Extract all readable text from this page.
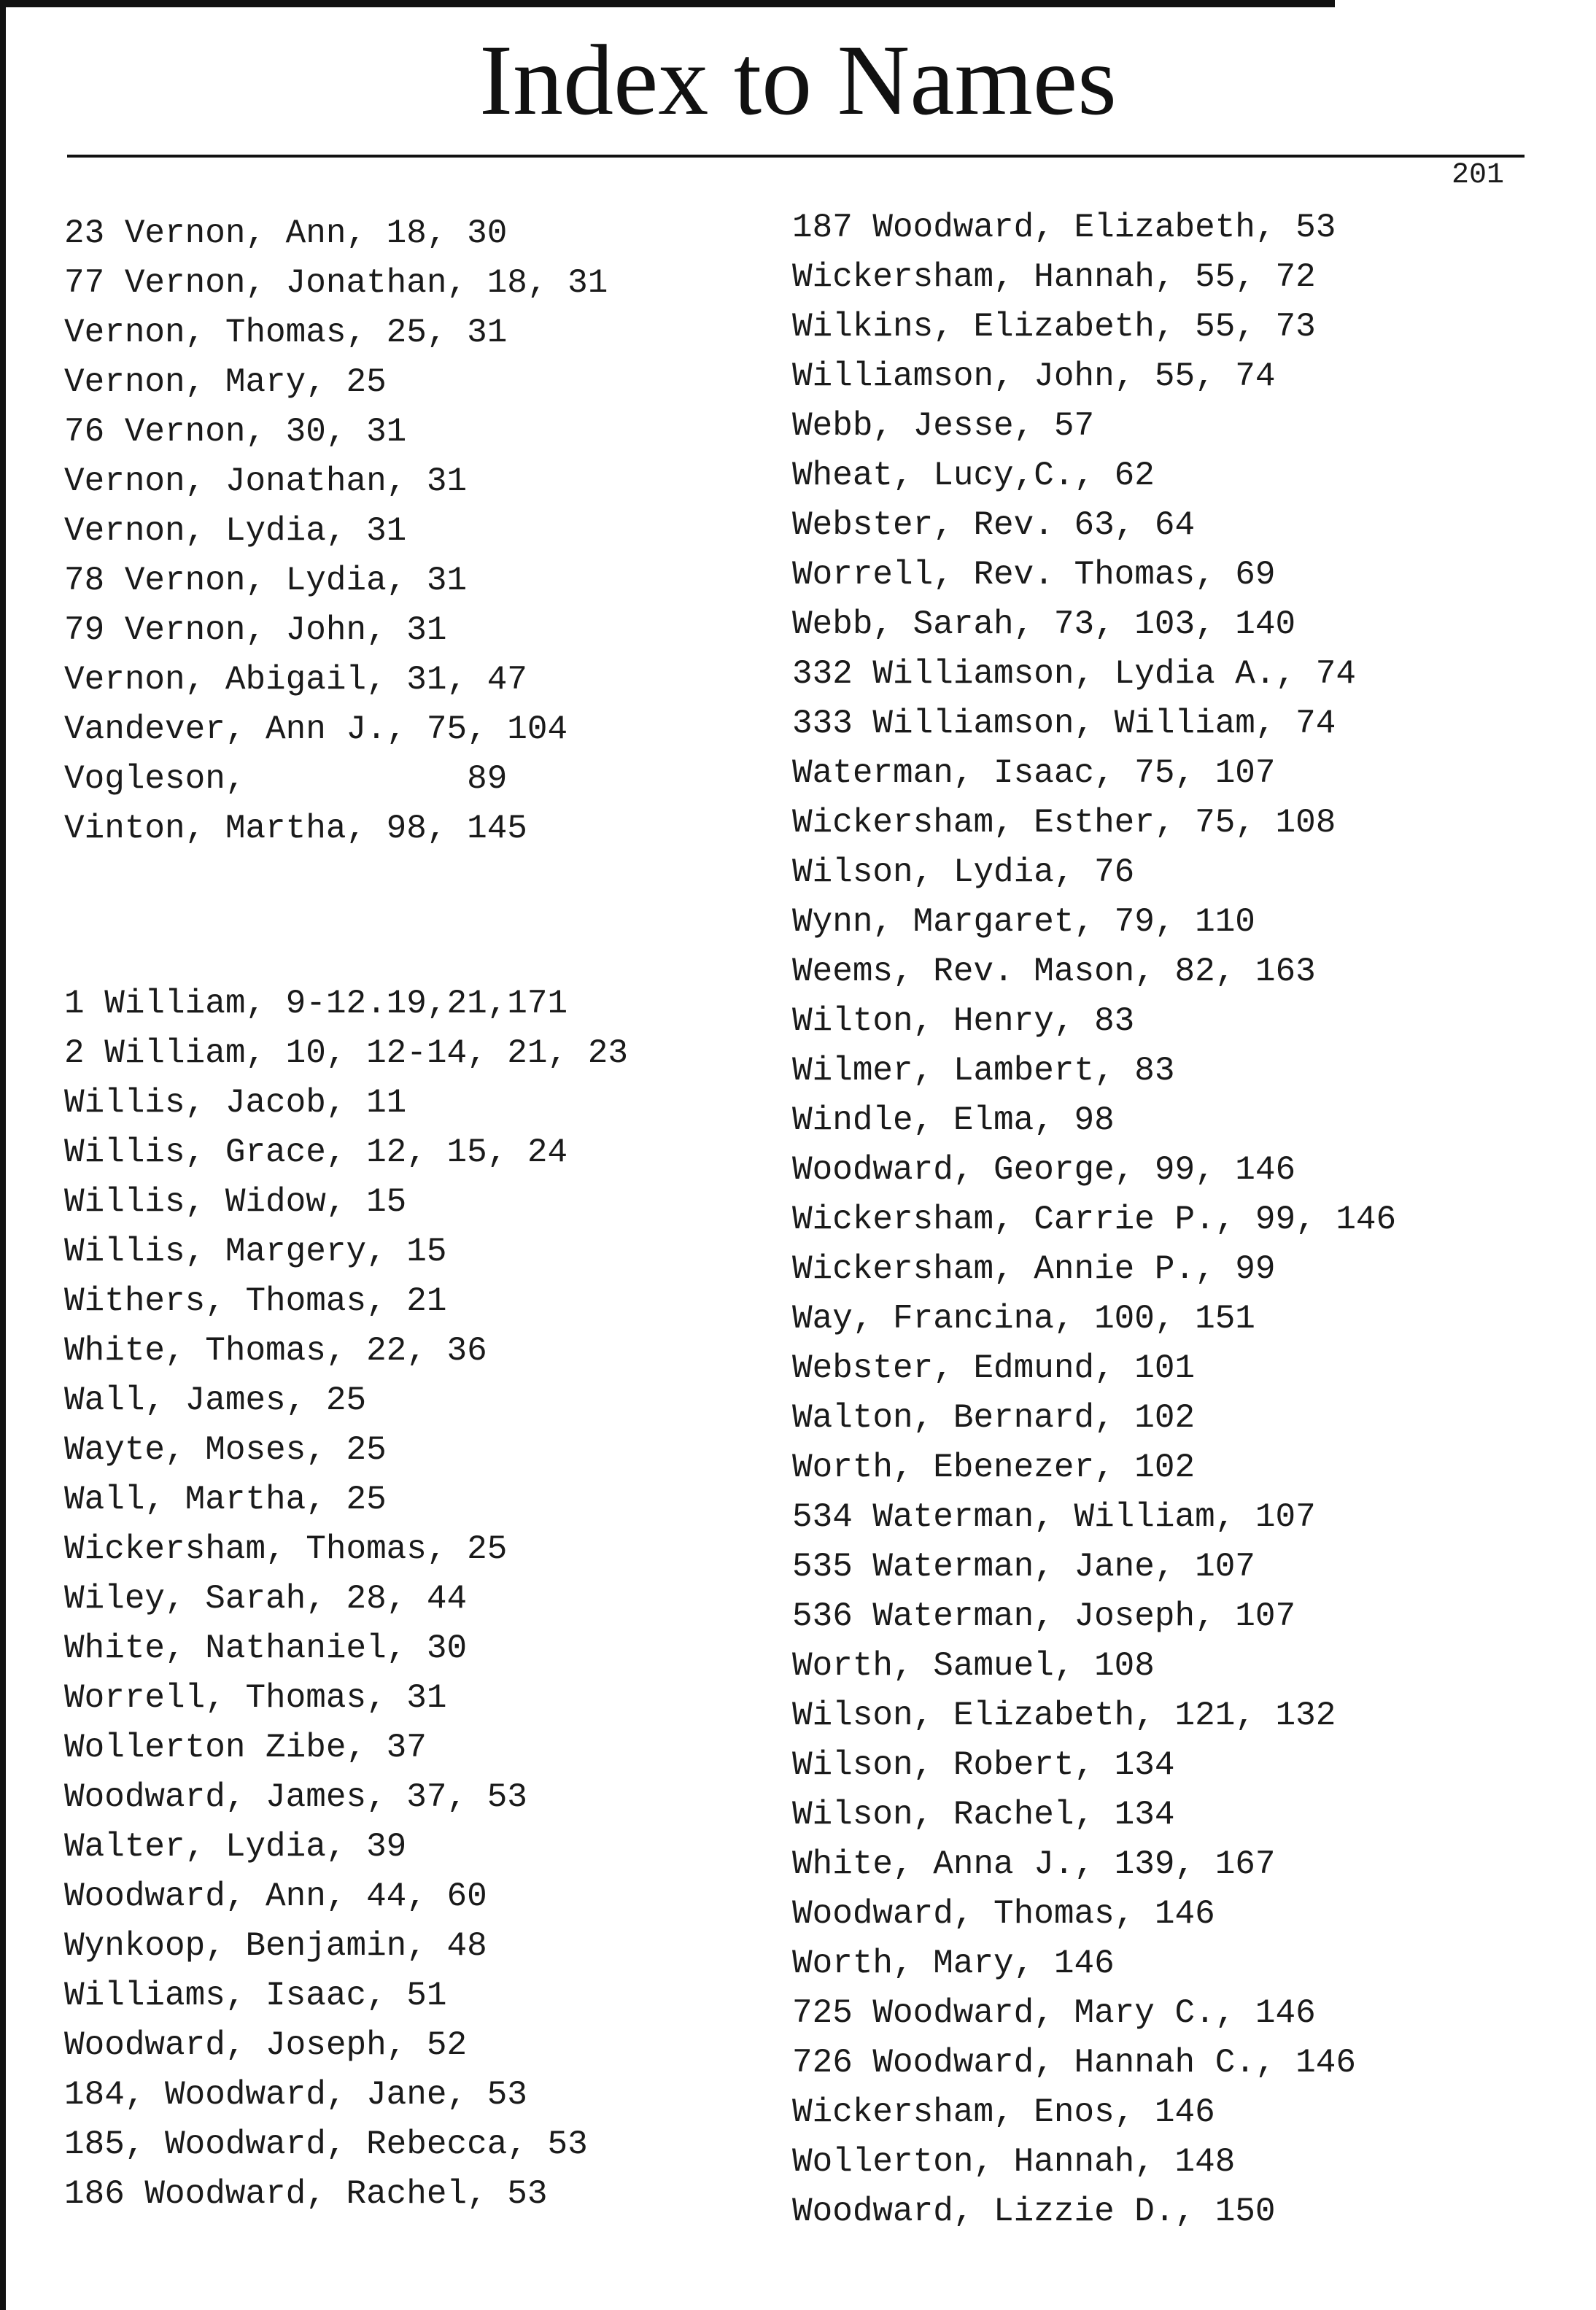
Index to Names
201
23 Vernon, Ann, 18, 30
77 Vernon, Jonathan, 18, 31
Vernon, Thomas, 25, 31
Vernon, Mary, 25
76 Vernon, 30, 31
Vernon, Jonathan, 31
Vernon, Lydia, 31
78 Vernon, Lydia, 31
79 Vernon, John, 31
Vernon, Abigail, 31, 47
Vandever, Ann J., 75, 104
Vogleson,           89
Vinton, Martha, 98, 145
1 William, 9-12.19,21,171
2 William, 10, 12-14, 21, 23
Willis, Jacob, 11
Willis, Grace, 12, 15, 24
Willis, Widow, 15
Willis, Margery, 15
Withers, Thomas, 21
White, Thomas, 22, 36
Wall, James, 25
Wayte, Moses, 25
Wall, Martha, 25
Wickersham, Thomas, 25
Wiley, Sarah, 28, 44
White, Nathaniel, 30
Worrell, Thomas, 31
Wollerton Zibe, 37
Woodward, James, 37, 53
Walter, Lydia, 39
Woodward, Ann, 44, 60
Wynkoop, Benjamin, 48
Williams, Isaac, 51
Woodward, Joseph, 52
184, Woodward, Jane, 53
185, Woodward, Rebecca, 53
186 Woodward, Rachel, 53
187 Woodward, Elizabeth, 53
Wickersham, Hannah, 55, 72
Wilkins, Elizabeth, 55, 73
Williamson, John, 55, 74
Webb, Jesse, 57
Wheat, Lucy,C., 62
Webster, Rev. 63, 64
Worrell, Rev. Thomas, 69
Webb, Sarah, 73, 103, 140
332 Williamson, Lydia A., 74
333 Williamson, William, 74
Waterman, Isaac, 75, 107
Wickersham, Esther, 75, 108
Wilson, Lydia, 76
Wynn, Margaret, 79, 110
Weems, Rev. Mason, 82, 163
Wilton, Henry, 83
Wilmer, Lambert, 83
Windle, Elma, 98
Woodward, George, 99, 146
Wickersham, Carrie P., 99, 146
Wickersham, Annie P., 99
Way, Francina, 100, 151
Webster, Edmund, 101
Walton, Bernard, 102
Worth, Ebenezer, 102
534 Waterman, William, 107
535 Waterman, Jane, 107
536 Waterman, Joseph, 107
Worth, Samuel, 108
Wilson, Elizabeth, 121, 132
Wilson, Robert, 134
Wilson, Rachel, 134
White, Anna J., 139, 167
Woodward, Thomas, 146
Worth, Mary, 146
725 Woodward, Mary C., 146
726 Woodward, Hannah C., 146
Wickersham, Enos, 146
Wollerton, Hannah, 148
Woodward, Lizzie D., 150
